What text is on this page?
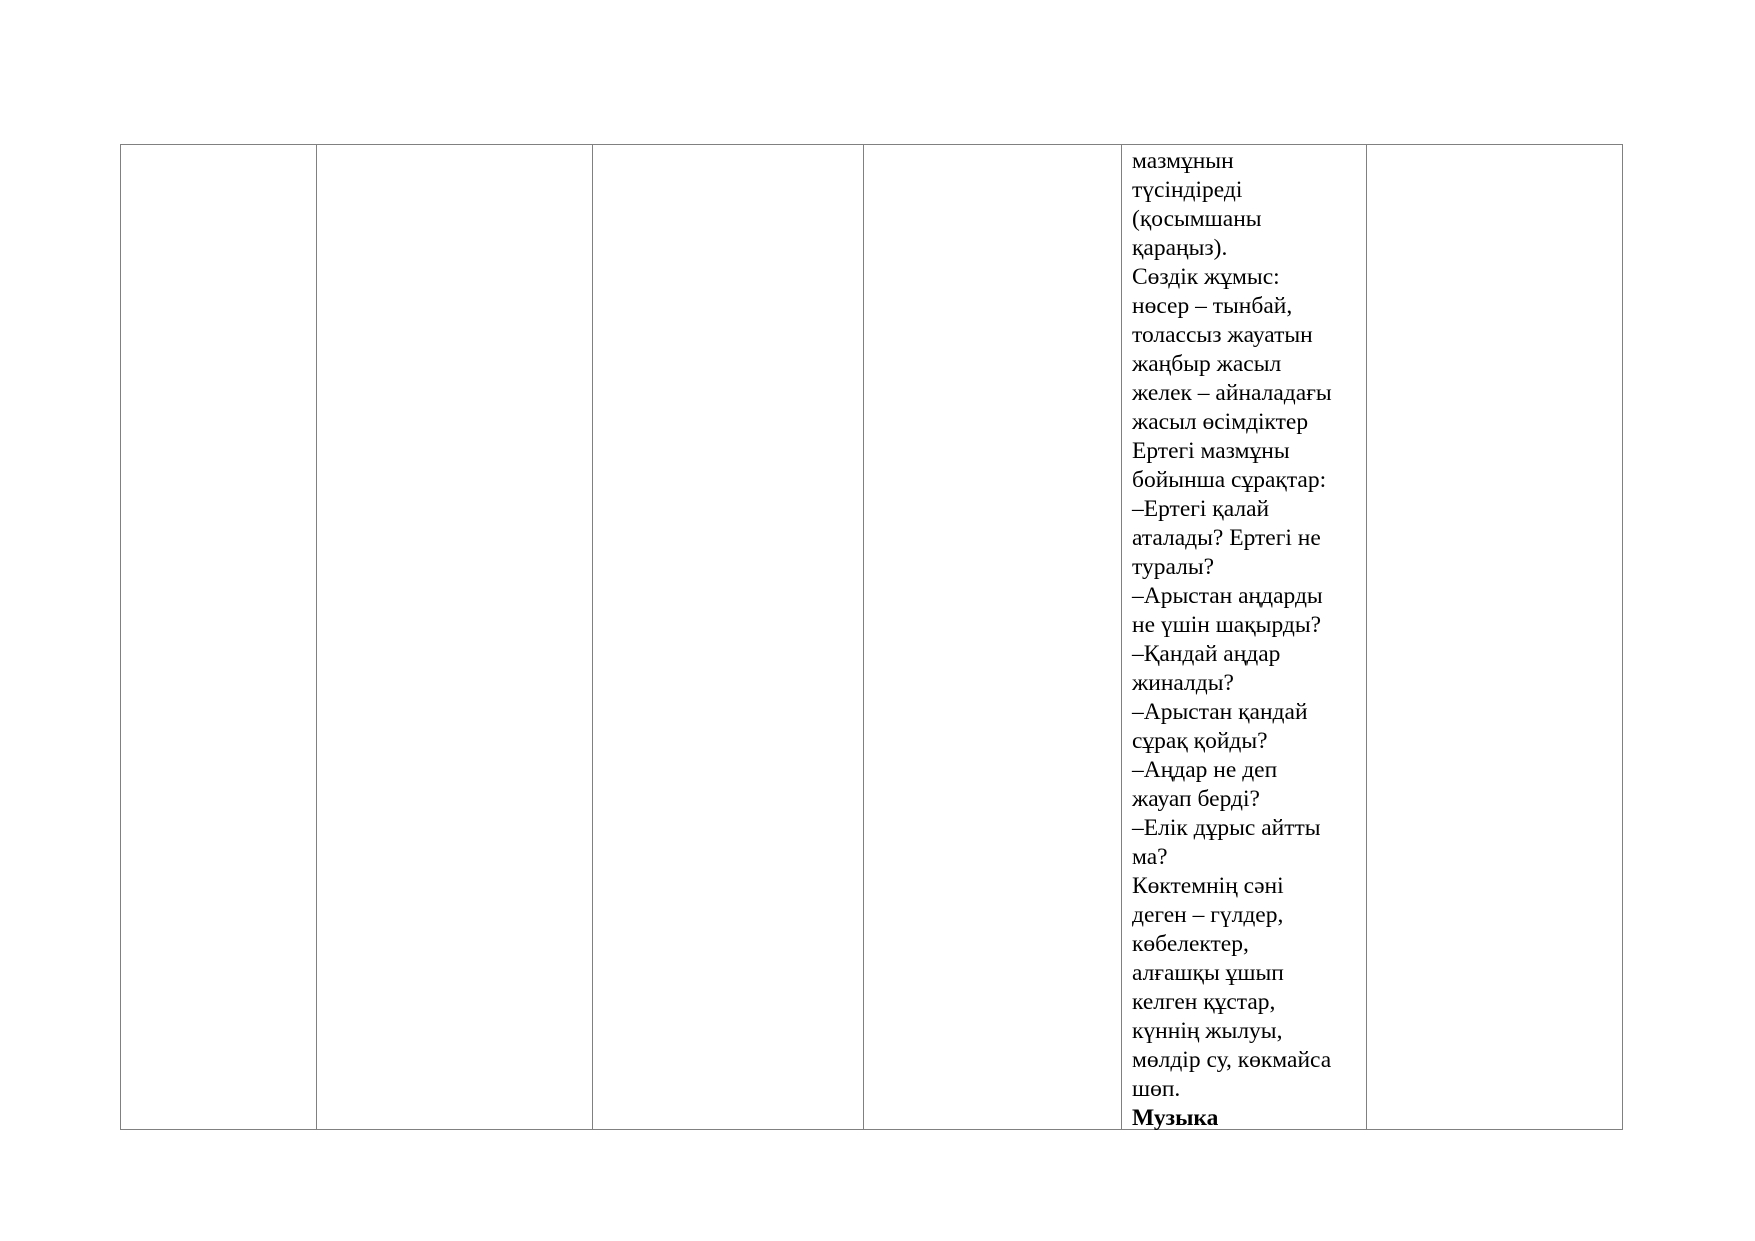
мазмұнын
түсіндіреді
(қосымшаны
қараңыз).
Сөздік жұмыс:
нөсер – тынбай,
толассыз жауатын
жаңбыр жасыл
желек – айналадағы
жасыл өсімдіктер
Ертегі мазмұны
бойынша сұрақтар:
–Ертегі қалай
аталады? Ертегі не
туралы?
–Арыстан аңдарды
не үшін шақырды?
–Қандай аңдар
жиналды?
–Арыстан қандай
сұрақ қойды?
–Аңдар не деп
жауап берді?
–Елік дұрыс айтты
ма?
Көктемнің сәні
деген – гүлдер,
көбелектер,
алғашқы ұшып
келген құстар,
күннің жылуы,
мөлдір су, көкмайса
шөп.
Музыка
